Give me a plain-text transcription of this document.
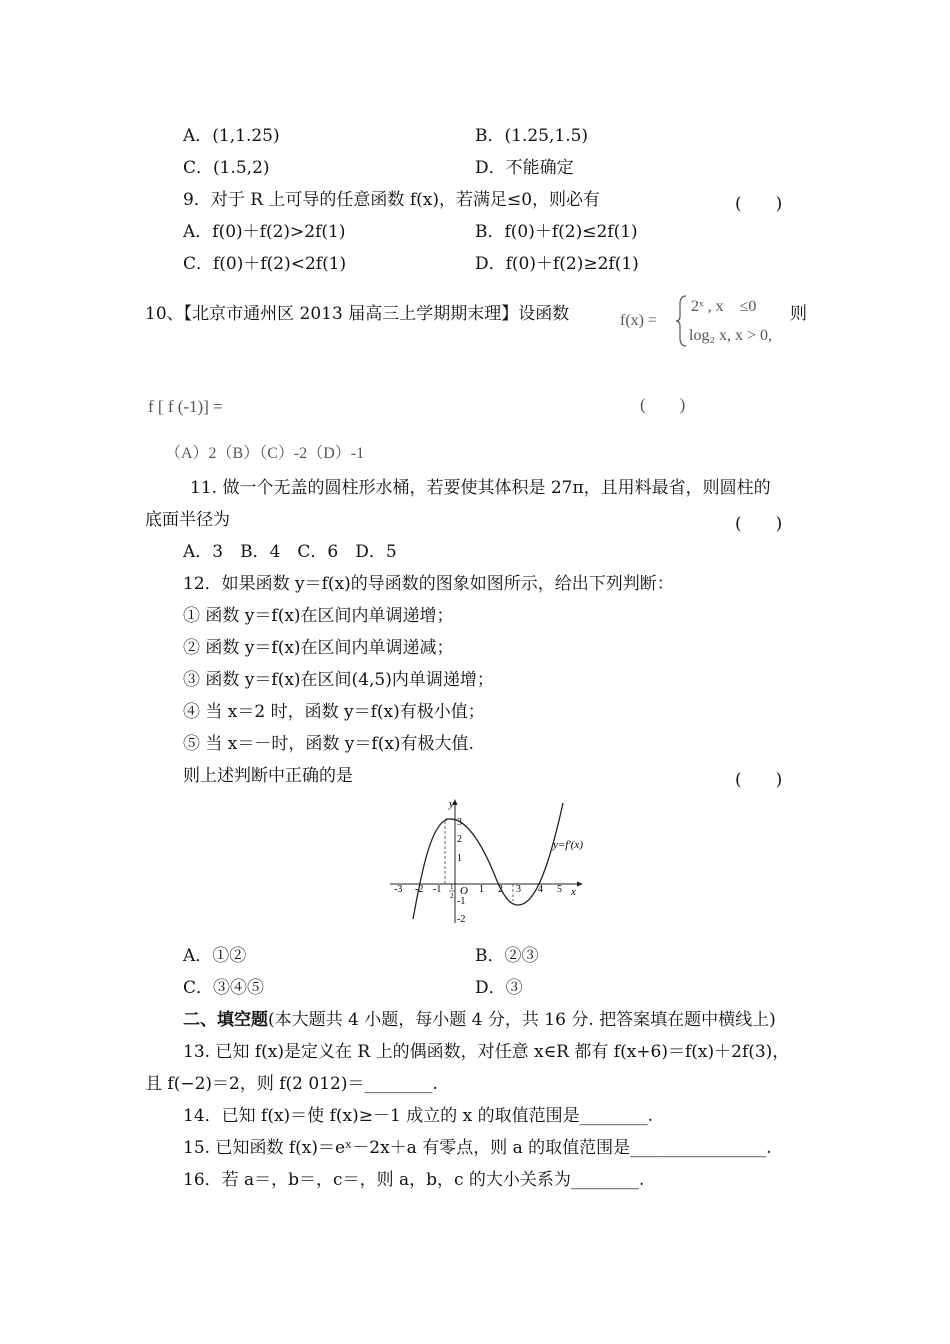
A．(1,1.25)	B．(1.25,1.5)
C．(1.5,2)	D．不能确定
9．对于 R 上可导的任意函数 f(x)，若满足≤0，则必有	(　　)
A．f(0)＋f(2)>2f(1)	B．f(0)＋f(2)≤2f(1)
C．f(0)＋f(2)<2f(1)	D．f(0)＋f(2)≥2f(1)
10、【北京市通州区 2013 届高三上学期期末理】设函数	f(x) =
2ˣ , x    ≤0
log₂ x, x > 0,
则
f [ f (-1)] =	(　　)
（A）2（B）（C）-2（D）-1
11. 做一个无盖的圆柱形水桶，若要使其体积是 27π，且用料最省，则圆柱的
底面半径为	(　　)
A．3　B．4　C．6　D．5
12．如果函数 y＝f(x)的导函数的图象如图所示，给出下列判断：
① 函数 y＝f(x)在区间内单调递增；
② 函数 y＝f(x)在区间内单调递减；
③ 函数 y＝f(x)在区间(4,5)内单调递增；
④ 当 x＝2 时，函数 y＝f(x)有极小值；
⑤ 当 x＝－时，函数 y＝f(x)有极大值.
则上述判断中正确的是	(　　)
-3 -2 -1	1 2 3 4 5
1
2
3
2
1
-1
-2
O	x
y
y=f′(x)
A．①②	B．②③
C．③④⑤	D．③
二、填空题(本大题共 4 小题，每小题 4 分，共 16 分. 把答案填在题中横线上)
13. 已知 f(x)是定义在 R 上的偶函数，对任意 x∈R 都有 f(x+6)＝f(x)＋2f(3)，
且 f(−2)＝2，则 f(2 012)＝________.
14．已知 f(x)＝使 f(x)≥－1 成立的 x 的取值范围是________.
15. 已知函数 f(x)＝eˣ－2x＋a 有零点，则 a 的取值范围是________________.
16．若 a＝，b＝，c＝，则 a，b，c 的大小关系为________.
